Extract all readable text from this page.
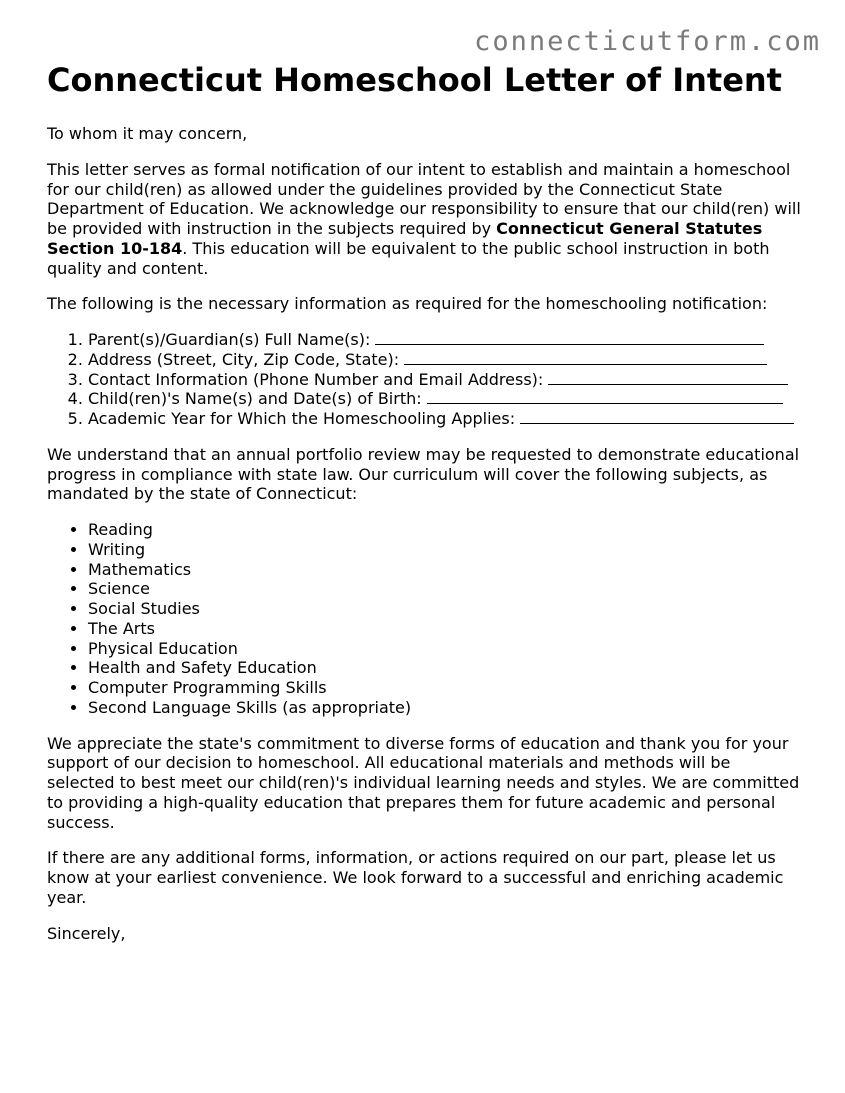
connecticutform.com
Connecticut Homeschool Letter of Intent

To whom it may concern,

This letter serves as formal notification of our intent to establish and maintain a homeschool for our child(ren) as allowed under the guidelines provided by the Connecticut State Department of Education. We acknowledge our responsibility to ensure that our child(ren) will be provided with instruction in the subjects required by Connecticut General Statutes Section 10-184. This education will be equivalent to the public school instruction in both quality and content.

The following is the necessary information as required for the homeschooling notification:

1. Parent(s)/Guardian(s) Full Name(s):
2. Address (Street, City, Zip Code, State):
3. Contact Information (Phone Number and Email Address):
4. Child(ren)'s Name(s) and Date(s) of Birth:
5. Academic Year for Which the Homeschooling Applies:

We understand that an annual portfolio review may be requested to demonstrate educational progress in compliance with state law. Our curriculum will cover the following subjects, as mandated by the state of Connecticut:

• Reading
• Writing
• Mathematics
• Science
• Social Studies
• The Arts
• Physical Education
• Health and Safety Education
• Computer Programming Skills
• Second Language Skills (as appropriate)

We appreciate the state's commitment to diverse forms of education and thank you for your support of our decision to homeschool. All educational materials and methods will be selected to best meet our child(ren)'s individual learning needs and styles. We are committed to providing a high-quality education that prepares them for future academic and personal success.

If there are any additional forms, information, or actions required on our part, please let us know at your earliest convenience. We look forward to a successful and enriching academic year.

Sincerely,
